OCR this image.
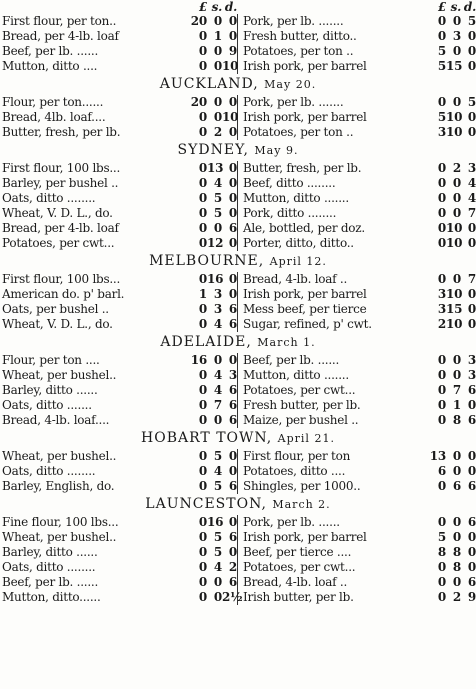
£ s. d.	£ s. d.
First flour, per ton..	20 0 0 Pork, per lb. .......	0 0 5
Bread, per 4-lb. loaf	0 1 0 Fresh butter, ditto..	0 3 0
Beef, per lb. ......	0 0 9 Potatoes, per ton ..	5 0 0
Mutton, ditto ....	0 0 10 Irish pork, per barrel	5 15 0
AUCKLAND, May 20.
Flour, per ton......	20 0 0 Pork, per lb. .......	0 0 5
Bread, 4lb. loaf....	0 0 10 Irish pork, per barrel	5 10 0
Butter, fresh, per lb.	0 2 0 Potatoes, per ton ..	3 10 0
SYDNEY, May 9.
First flour, 100 lbs...	0 13 0 Butter, fresh, per lb.	0 2 3
Barley, per bushel ..	0 4 0 Beef, ditto ........	0 0 4
Oats, ditto ........	0 5 0 Mutton, ditto .......	0 0 4
Wheat, V. D. L., do.	0 5 0 Pork, ditto ........	0 0 7
Bread, per 4-lb. loaf	0 0 6 Ale, bottled, per doz.	0 10 0
Potatoes, per cwt...	0 12 0 Porter, ditto, ditto..	0 10 0
MELBOURNE, April 12.
First flour, 100 lbs...	0 16 0 Bread, 4-lb. loaf ..	0 0 7
American do. p' barl.	1 3 0 Irish pork, per barrel	3 10 0
Oats, per bushel ..	0 3 6 Mess beef, per tierce	3 15 0
Wheat, V. D. L., do.	0 4 6 Sugar, refined, p' cwt.	2 10 0
ADELAIDE, March 1.
Flour, per ton ....	16 0 0 Beef, per lb. ......	0 0 3
Wheat, per bushel..	0 4 3 Mutton, ditto .......	0 0 3
Barley, ditto ......	0 4 6 Potatoes, per cwt...	0 7 6
Oats, ditto .......	0 7 6 Fresh butter, per lb.	0 1 0
Bread, 4-lb. loaf....	0 0 6 Maize, per bushel ..	0 8 6
HOBART TOWN, April 21.
Wheat, per bushel..	0 5 0 First flour, per ton	13 0 0
Oats, ditto ........	0 4 0 Potatoes, ditto ....	6 0 0
Barley, English, do.	0 5 6 Shingles, per 1000..	0 6 6
LAUNCESTON, March 2.
Fine flour, 100 lbs...	0 16 0 Pork, per lb. ......	0 0 6
Wheat, per bushel..	0 5 6 Irish pork, per barrel	5 0 0
Barley, ditto ......	0 5 0 Beef, per tierce ....	8 8 0
Oats, ditto ........	0 4 2 Potatoes, per cwt...	0 8 0
Beef, per lb. ......	0 0 6 Bread, 4-lb. loaf ..	0 0 6
Mutton, ditto......	0 0 2½ Irish butter, per lb.	0 2 9
